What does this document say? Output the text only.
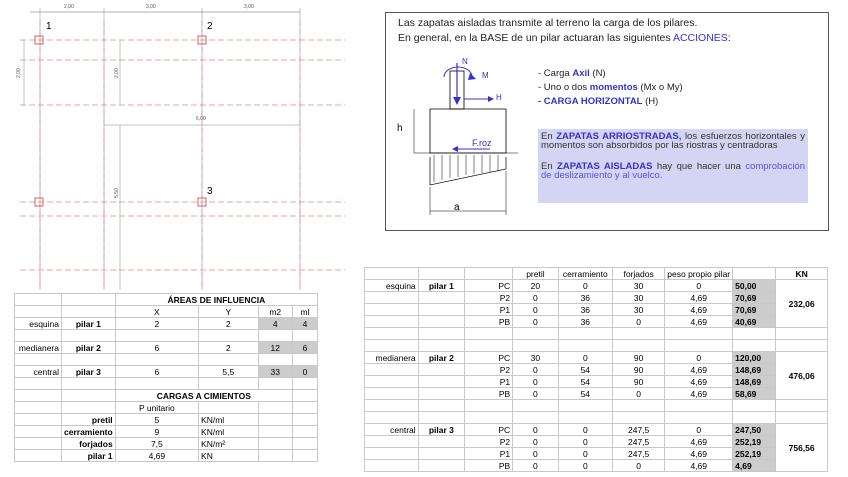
1	2
3
2,00	3,00	3,00
2,00	2,00
6,00
5,50
Las zapatas aisladas transmite al terreno la carga de los pilares.
En general, en la BASE de un pilar actuaran las siguientes ACCIONES:
N
M
H
h
F.roz
a
- Carga Axil (N)
- Uno o dos momentos (Mx o My)
- CARGA HORIZONTAL (H)
En ZAPATAS ARRIOSTRADAS, los esfuerzos horizontales y momentos son absorbidos por las riostras y centradoras
En ZAPATAS AISLADAS hay que hacer una comprobación de deslizamiento y al vuelco.
		ÁREAS DE INFLUENCIA			
		X	Y	m2	ml
esquina	pilar 1	2	2	4	4

medianera	pilar 2	6	2	12	6

central	pilar 3	6	5,5	33	0

		CARGAS A CIMIENTOS			
		P unitario			
	pretil	5	KN/ml		
	cerramiento	9	KN/ml		
	forjados	7,5	KN/m²		
	pilar 1	4,69	KN		
			pretil	cerramiento	forjados	peso propio pilar		KN
esquina	pilar 1	PC	20	0	30	0	50,00	232,06
		P2	0	36	30	4,69	70,69	
		P1	0	36	30	4,69	70,69	
		PB	0	36	0	4,69	40,69	

medianera	pilar 2	PC	30	0	90	0	120,00	476,06
		P2	0	54	90	4,69	148,69	
		P1	0	54	90	4,69	148,69	
		PB	0	54	0	4,69	58,69	

central	pilar 3	PC	0	0	247,5	0	247,50	756,56
		P2	0	0	247,5	4,69	252,19	
		P1	0	0	247,5	4,69	252,19	
		PB	0	0	0	4,69	4,69	
